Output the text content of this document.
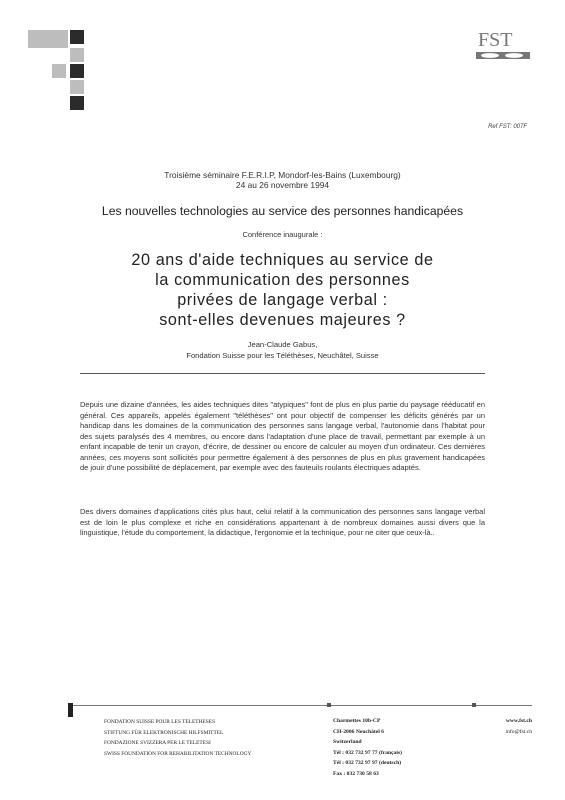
FST
Ref FST: 007F
Troisième séminaire F.E.R.I.P, Mondorf-les-Bains (Luxembourg)
24 au 26 novembre 1994
Les nouvelles technologies au service des personnes handicapées
Conférence inaugurale :
20 ans d'aide techniques au service de
la communication des personnes
privées de langage verbal :
sont-elles devenues majeures ?
Jean-Claude Gabus,
Fondation Suisse pour les Téléthèses, Neuchâtel, Suisse
Depuis une dizaine d'années, les aides techniques dites "atypiques" font de plus en plus partie du paysage rééducatif en général. Ces appareils, appelés également "téléthèses" ont pour objectif de compenser les déficits générés par un handicap dans les domaines de la communication des personnes sans langage verbal, l'autonomie dans l'habitat pour des sujets paralysés des 4 membres, ou encore dans l'adaptation d'une place de travail, permettant par exemple à un enfant incapable de tenir un crayon, d'écrire, de dessiner ou encore de calculer au moyen d'un ordinateur. Ces dernières années, ces moyens sont sollicités pour permettre également à des personnes de plus en plus gravement handicapées de jouir d'une possibilité de déplacement, par exemple avec des fauteuils roulants électriques adaptés.
Des divers domaines d'applications cités plus haut, celui relatif à la communication des personnes sans langage verbal est de loin le plus complexe et riche en considérations appartenant à de nombreux domaines aussi divers que la linguistique, l'étude du comportement, la didactique, l'ergonomie et la technique, pour ne citer que ceux-là..
FONDATION SUISSE POUR LES TELETHESES
STIFTUNG FÜR ELEKTRONISCHE HILFSMITTEL
FONDAZIONE SVIZZERA PER LE TELETESI
SWISS FOUNDATION FOR REHABILITATION TECHNOLOGY
Charmettes 10b-CP
CH-2006 Neuchâtel 6
Switzerland
Tél : 032 732 97 77 (français)
Tél : 032 732 97 97 (deutsch)
Fax : 032 730 58 63
www.fst.ch
info@fst.ch
